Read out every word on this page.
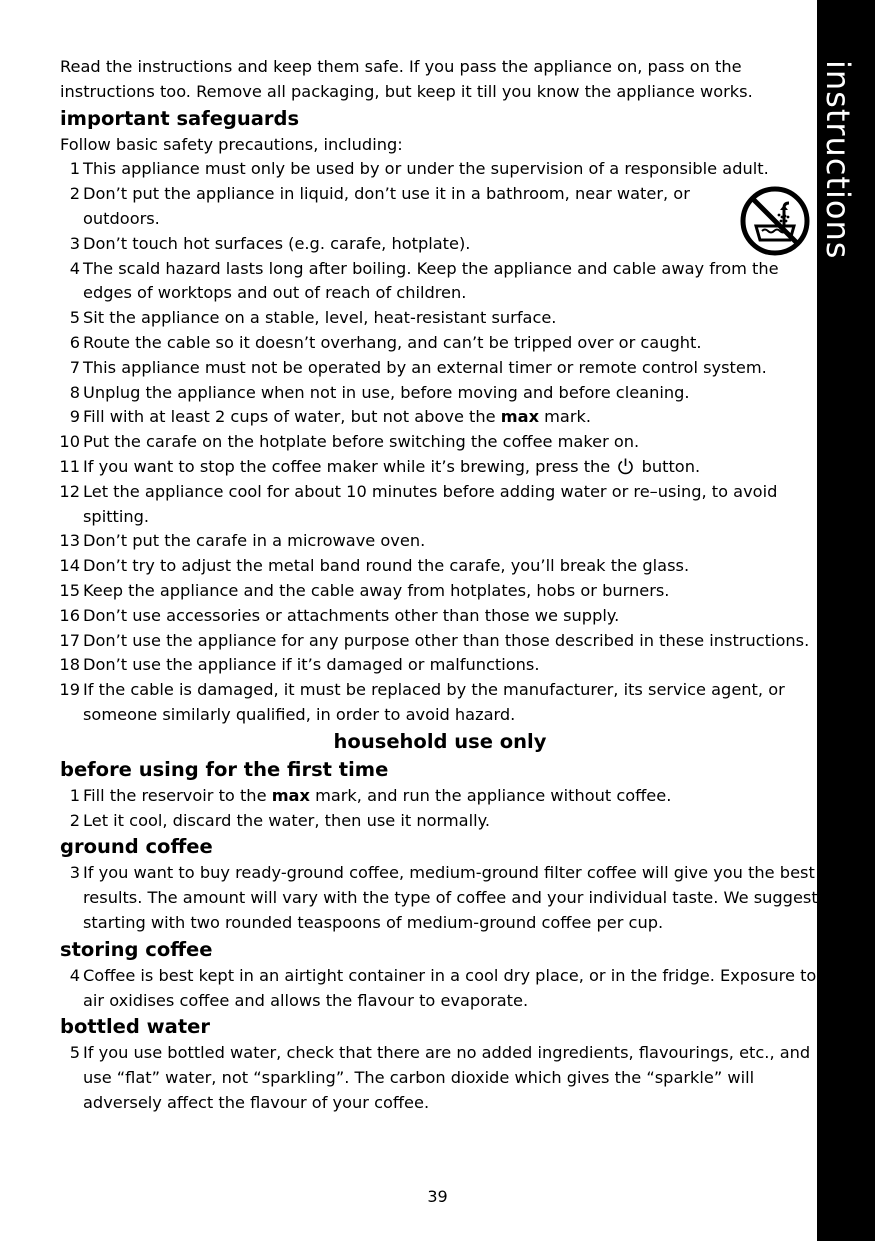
instructions
Read the instructions and keep them safe. If you pass the appliance on, pass on the instructions too. Remove all packaging, but keep it till you know the appliance works.
important safeguards
Follow basic safety precautions, including:
1 This appliance must only be used by or under the supervision of a responsible adult.
2 Don’t put the appliance in liquid, don’t use it in a bathroom, near water, or outdoors.
3 Don’t touch hot surfaces (e.g. carafe, hotplate).
4 The scald hazard lasts long after boiling. Keep the appliance and cable away from the edges of worktops and out of reach of children.
5 Sit the appliance on a stable, level, heat-resistant surface.
6 Route the cable so it doesn’t overhang, and can’t be tripped over or caught.
7 This appliance must not be operated by an external timer or remote control system.
8 Unplug the appliance when not in use, before moving and before cleaning.
9 Fill with at least 2 cups of water, but not above the max mark.
10 Put the carafe on the hotplate before switching the coffee maker on.
11 If you want to stop the coffee maker while it’s brewing, press the  button.
12 Let the appliance cool for about 10 minutes before adding water or re–using, to avoid spitting.
13 Don’t put the carafe in a microwave oven.
14 Don’t try to adjust the metal band round the carafe, you’ll break the glass.
15 Keep the appliance and the cable away from hotplates, hobs or burners.
16 Don’t use accessories or attachments other than those we supply.
17 Don’t use the appliance for any purpose other than those described in these instructions.
18 Don’t use the appliance if it’s damaged or malfunctions.
19 If the cable is damaged, it must be replaced by the manufacturer, its service agent, or someone similarly qualified, in order to avoid hazard.
household use only
before using for the first time
1 Fill the reservoir to the max mark, and run the appliance without coffee.
2 Let it cool, discard the water, then use it normally.
ground coffee
3 If you want to buy ready-ground coffee, medium-ground filter coffee will give you the best results. The amount will vary with the type of coffee and your individual taste. We suggest starting with two rounded teaspoons of medium-ground coffee per cup.
storing coffee
4 Coffee is best kept in an airtight container in a cool dry place, or in the fridge. Exposure to air oxidises coffee and allows the flavour to evaporate.
bottled water
5 If you use bottled water, check that there are no added ingredients, flavourings, etc., and use “flat” water, not “sparkling”. The carbon dioxide which gives the “sparkle” will adversely affect the flavour of your coffee.
39
